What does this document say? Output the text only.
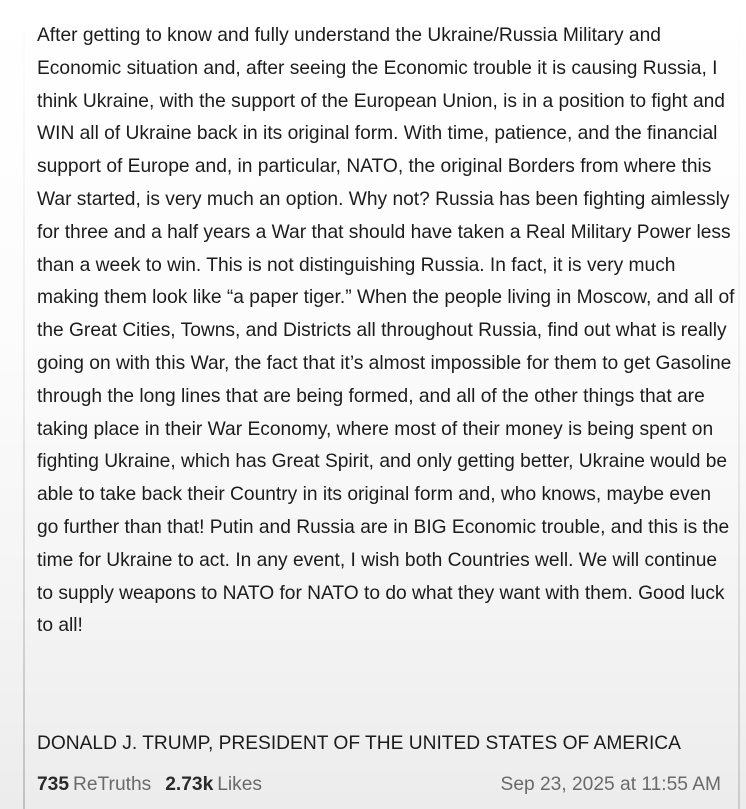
After getting to know and fully understand the Ukraine/Russia Military and Economic situation and, after seeing the Economic trouble it is causing Russia, I think Ukraine, with the support of the European Union, is in a position to fight and WIN all of Ukraine back in its original form. With time, patience, and the financial support of Europe and, in particular, NATO, the original Borders from where this War started, is very much an option. Why not? Russia has been fighting aimlessly for three and a half years a War that should have taken a Real Military Power less than a week to win. This is not distinguishing Russia. In fact, it is very much making them look like “a paper tiger.” When the people living in Moscow, and all of the Great Cities, Towns, and Districts all throughout Russia, find out what is really going on with this War, the fact that it’s almost impossible for them to get Gasoline through the long lines that are being formed, and all of the other things that are taking place in their War Economy, where most of their money is being spent on fighting Ukraine, which has Great Spirit, and only getting better, Ukraine would be able to take back their Country in its original form and, who knows, maybe even go further than that! Putin and Russia are in BIG Economic trouble, and this is the time for Ukraine to act. In any event, I wish both Countries well. We will continue to supply weapons to NATO for NATO to do what they want with them. Good luck to all!

DONALD J. TRUMP, PRESIDENT OF THE UNITED STATES OF AMERICA

735 ReTruths 2.73k Likes	Sep 23, 2025 at 11:55 AM
